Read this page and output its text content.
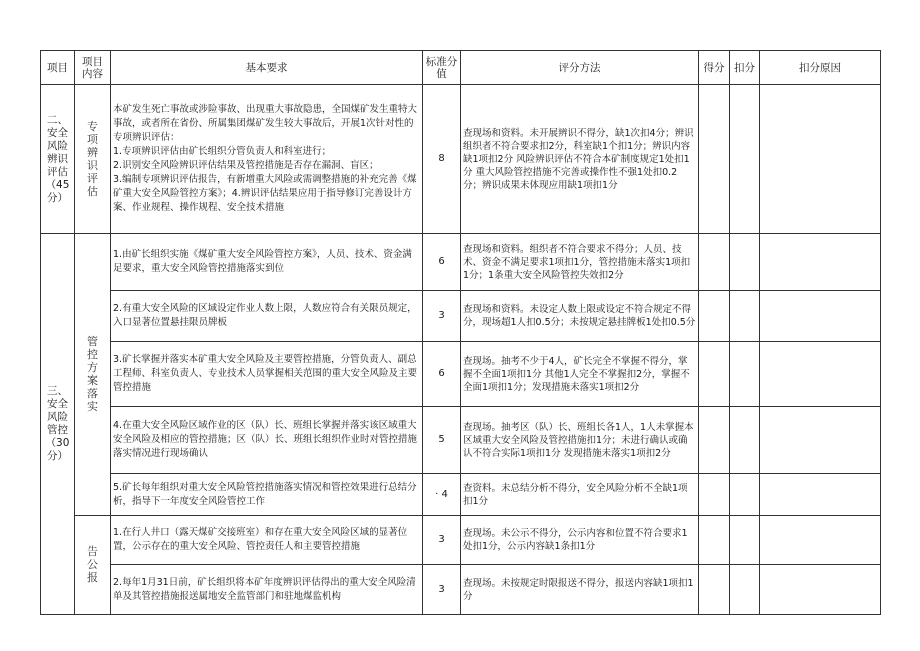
项目	项目内容	基本要求	标准分值	评分方法	得分	扣分	扣分原因
二、安全风险辨识评估（45分）	专项辨识评估	本矿发生死亡事故或涉险事故、出现重大事故隐患，全国煤矿发生重特大事故，或者所在省份、所属集团煤矿发生较大事故后，开展1次针对性的专项辨识评估：
1.专项辨识评估由矿长组织分管负责人和科室进行；
2.识别安全风险辨识评估结果及管控措施是否存在漏洞、盲区；
3.编制专项辨识评估报告，有新增重大风险或需调整措施的补充完善《煤矿重大安全风险管控方案》；4.辨识评估结果应用于指导修订完善设计方案、作业规程、操作规程、安全技术措施	8	查现场和资料。未开展辨识不得分，缺1次扣4分；辨识组织者不符合要求扣2分，科室缺1个扣1分；辨识内容缺1项扣2分 风险辨识评估不符合本矿制度规定1处扣1分 重大风险管控措施不完善或操作性不强1处扣0.2分；辨识成果未体现应用缺1项扣1分			
三、安全风险管控（30分）	管控方案落实	1.由矿长组织实施《煤矿重大安全风险管控方案》，人员、技术、资金满足要求，重大安全风险管控措施落实到位	6	查现场和资料。组织者不符合要求不得分；人员、技术、资金不满足要求1项扣1分，管控措施未落实1项扣1分；1条重大安全风险管控失效扣2分			
		2.有重大安全风险的区域设定作业人数上限，人数应符合有关限员规定，入口显著位置悬挂限员牌板	3	查现场和资料。未设定人数上限或设定不符合规定不得分，现场超1人扣0.5分；未按规定悬挂牌板1处扣0.5分			
		3.矿长掌握并落实本矿重大安全风险及主要管控措施，分管负责人、副总工程师、科室负责人、专业技术人员掌握相关范围的重大安全风险及主要管控措施	6	查现场。抽考不少于4人，矿长完全不掌握不得分，掌握不全面1项扣1分 其他1人完全不掌握扣2分，掌握不全面1项扣1分；发现措施未落实1项扣2分			
		4.在重大安全风险区域作业的区（队）长、班组长掌握并落实该区域重大安全风险及相应的管控措施；区（队）长、班组长组织作业时对管控措施落实情况进行现场确认	5	查现场。抽考区（队）长、班组长各1人，1人未掌握本区域重大安全风险及管控措施扣1分；未进行确认或确认不符合实际1项扣1分 发现措施未落实1项扣2分			
		5.矿长每年组织对重大安全风险管控措施落实情况和管控效果进行总结分析，指导下一年度安全风险管控工作	· 4	查资料。未总结分析不得分，安全风险分析不全缺1项扣1分			
	告公报	1.在行人井口（露天煤矿交接班室）和存在重大安全风险区域的显著位置，公示存在的重大安全风险、管控责任人和主要管控措施	3	查现场。未公示不得分，公示内容和位置不符合要求1处扣1分，公示内容缺1条扣1分			
		2.每年1月31日前，矿长组织将本矿年度辨识评估得出的重大安全风险清单及其管控措施报送属地安全监管部门和驻地煤监机构	3	查现场。未按规定时限报送不得分，报送内容缺1项扣1分			
